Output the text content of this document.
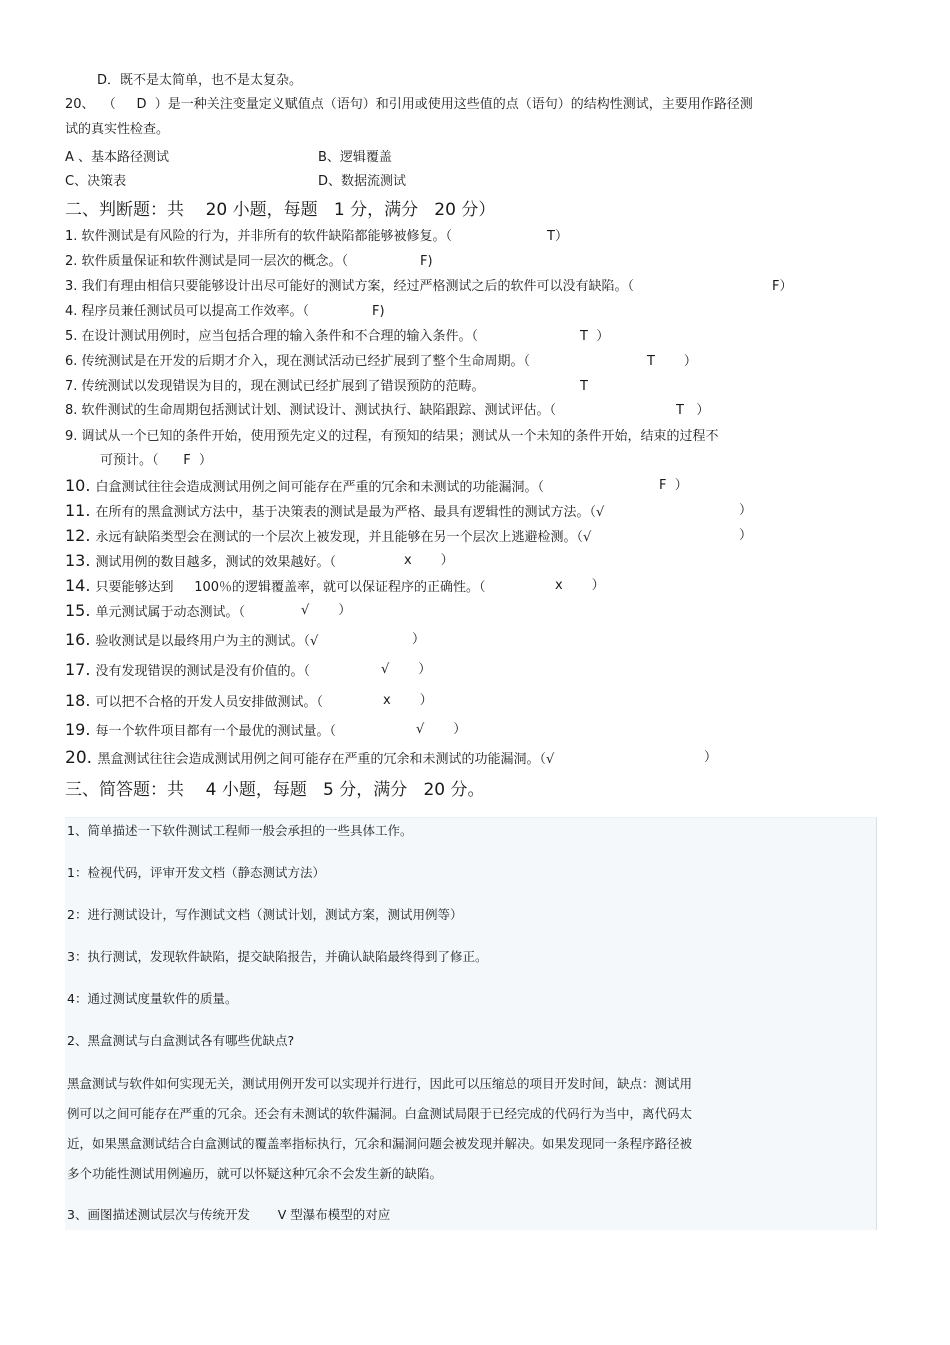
D．既不是太简单，也不是太复杂。
20、  （     D  ）是一种关注变量定义赋值点（语句）和引用或使用这些值的点（语句）的结构性测试，主要用作路径测
试的真实性检查。
A 、基本路径测试	B、逻辑覆盖
C、决策表	D、数据流测试
二、判断题：共    20 小题，每题   1 分，满分   20 分）
1. 软件测试是有风险的行为，并非所有的软件缺陷都能够被修复。（	T）
2. 软件质量保证和软件测试是同一层次的概念。（	F)
3. 我们有理由相信只要能够设计出尽可能好的测试方案，经过严格测试之后的软件可以没有缺陷。（	F）
4. 程序员兼任测试员可以提高工作效率。（	F)
5. 在设计测试用例时，应当包括合理的输入条件和不合理的输入条件。（	T  ）
6. 传统测试是在开发的后期才介入，现在测试活动已经扩展到了整个生命周期。（	T       ）
7. 传统测试以发现错误为目的，现在测试已经扩展到了错误预防的范畴。	T
8. 软件测试的生命周期包括测试计划、测试设计、测试执行、缺陷跟踪、测试评估。（	T   ）
9. 调试从一个已知的条件开始，使用预先定义的过程，有预知的结果；测试从一个未知的条件开始，结束的过程不
可预计。（      F  ）
10. 白盒测试往往会造成测试用例之间可能存在严重的冗余和未测试的功能漏洞。（	F  ）
11. 在所有的黑盒测试方法中，基于决策表的测试是最为严格、最具有逻辑性的测试方法。（√	）
12. 永远有缺陷类型会在测试的一个层次上被发现，并且能够在另一个层次上逃避检测。（√	）
13. 测试用例的数目越多，测试的效果越好。（	x       ）
14. 只要能够达到     100％的逻辑覆盖率，就可以保证程序的正确性。（	x       ）
15. 单元测试属于动态测试。（	√       ）
16. 验收测试是以最终用户为主的测试。（√	）
17. 没有发现错误的测试是没有价值的。（	√       ）
18. 可以把不合格的开发人员安排做测试。（	x       ）
19. 每一个软件项目都有一个最优的测试量。（	√       ）
20. 黑盒测试往往会造成测试用例之间可能存在严重的冗余和未测试的功能漏洞。（√	）
三、简答题：共    4 小题，每题   5 分，满分   20 分。
1、简单描述一下软件测试工程师一般会承担的一些具体工作。
1：检视代码，评审开发文档（静态测试方法）
2：进行测试设计，写作测试文档（测试计划，测试方案，测试用例等）
3：执行测试，发现软件缺陷，提交缺陷报告，并确认缺陷最终得到了修正。
4：通过测试度量软件的质量。
2、黑盒测试与白盒测试各有哪些优缺点?
黑盒测试与软件如何实现无关，测试用例开发可以实现并行进行，因此可以压缩总的项目开发时间，缺点：测试用
例可以之间可能存在严重的冗余。还会有未测试的软件漏洞。白盒测试局限于已经完成的代码行为当中，离代码太
近，如果黑盒测试结合白盒测试的覆盖率指标执行，冗余和漏洞问题会被发现并解决。如果发现同一条程序路径被
多个功能性测试用例遍历，就可以怀疑这种冗余不会发生新的缺陷。
3、画图描述测试层次与传统开发       V 型瀑布模型的对应
